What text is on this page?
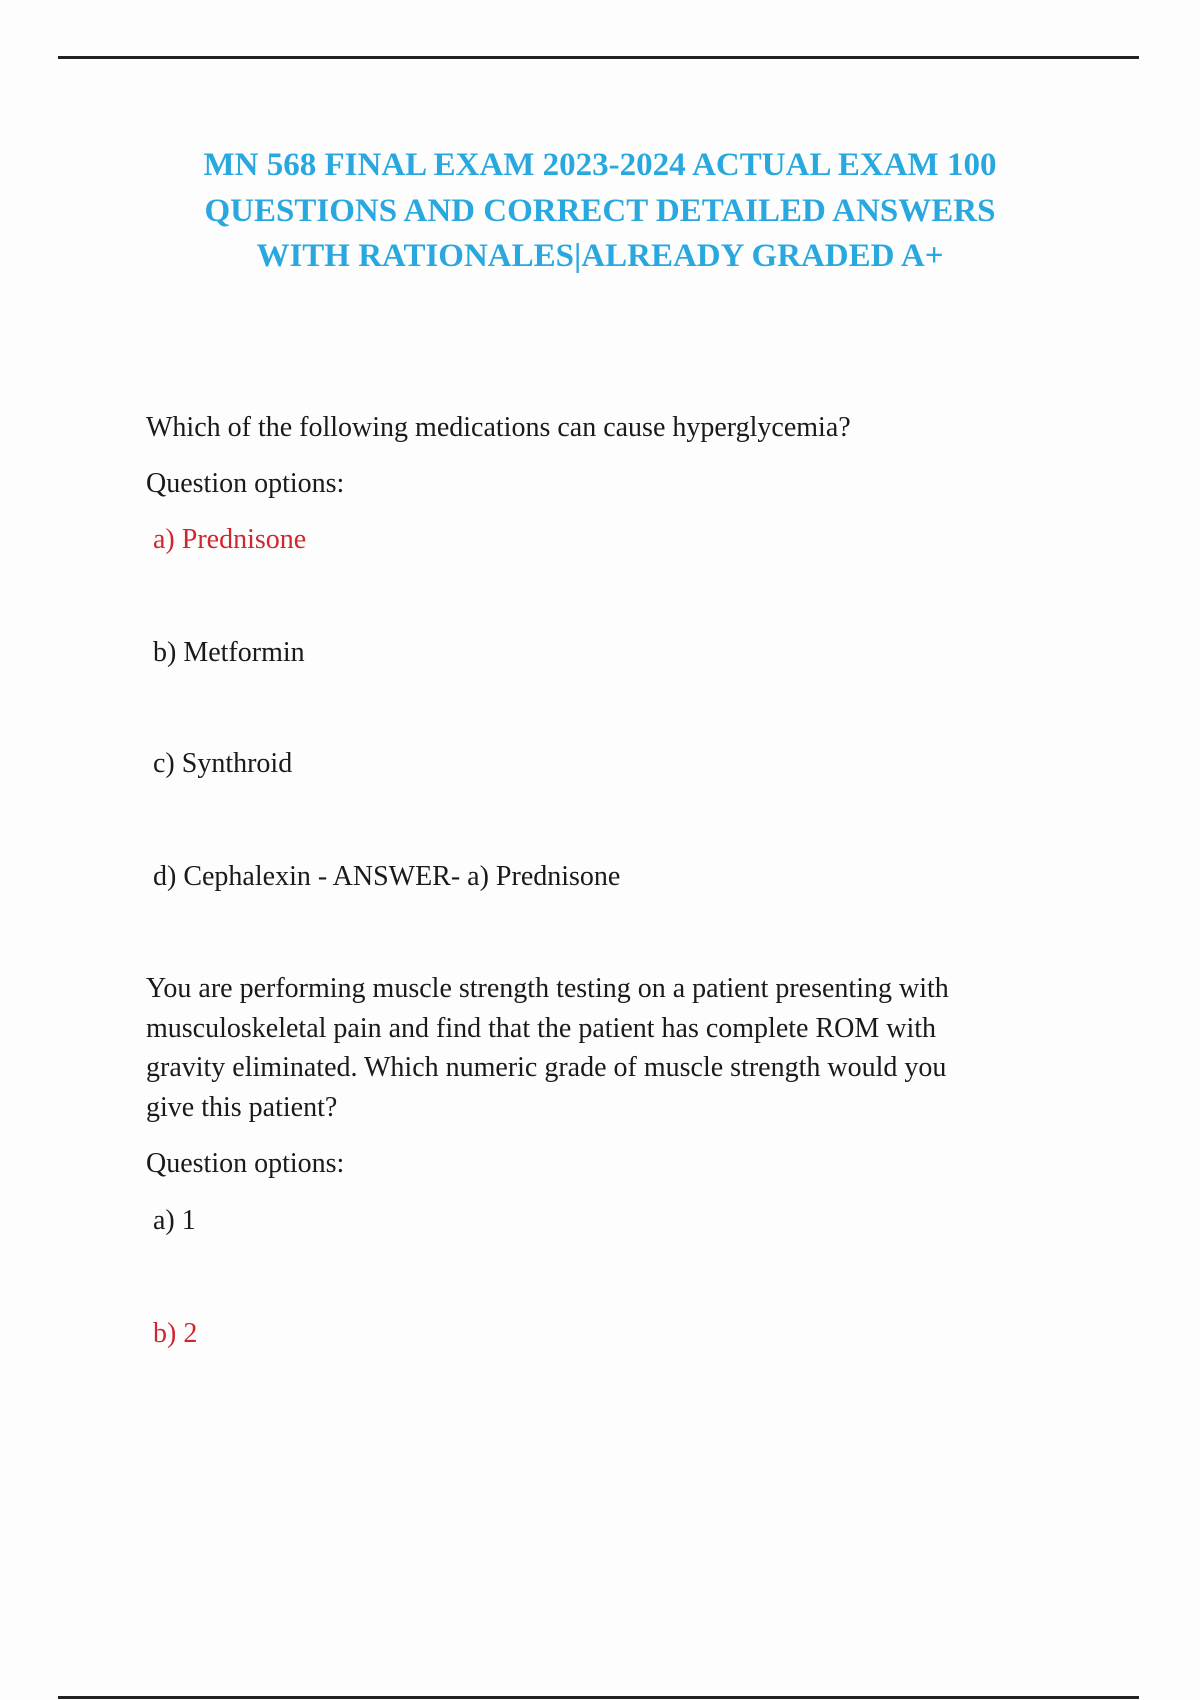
MN 568 FINAL EXAM 2023-2024 ACTUAL EXAM 100
QUESTIONS AND CORRECT DETAILED ANSWERS
WITH RATIONALES|ALREADY GRADED A+
Which of the following medications can cause hyperglycemia?
Question options:
a) Prednisone
b) Metformin
c) Synthroid
d) Cephalexin - ANSWER- a) Prednisone
You are performing muscle strength testing on a patient presenting with
musculoskeletal pain and find that the patient has complete ROM with
gravity eliminated. Which numeric grade of muscle strength would you
give this patient?
Question options:
a) 1
b) 2
